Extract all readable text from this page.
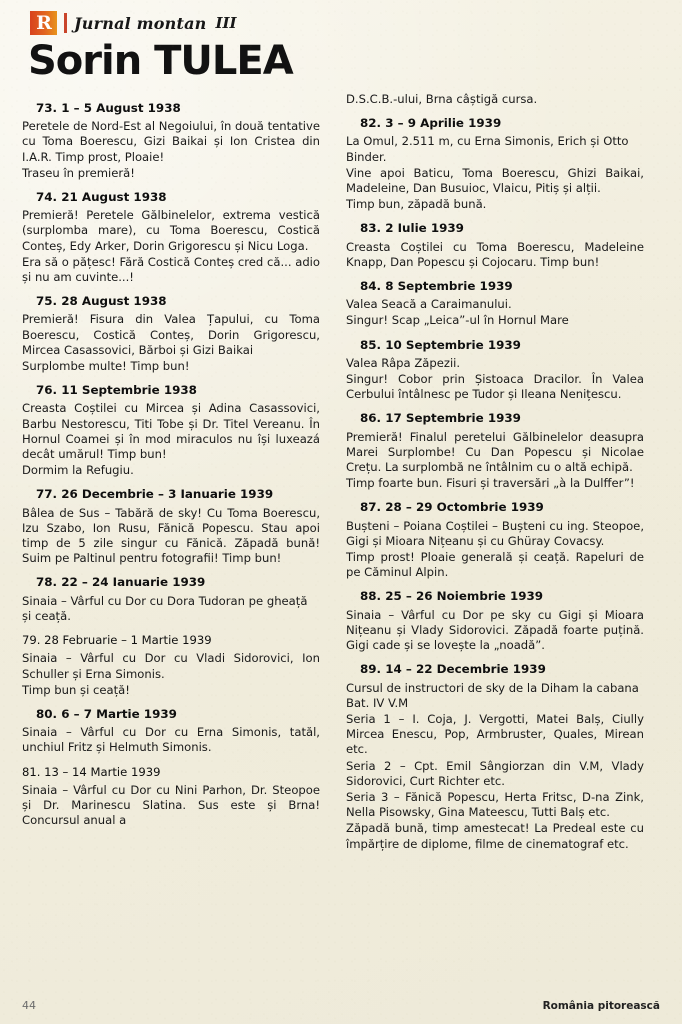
R	Jurnal montan III
Sorin TULEA
73. 1 – 5 August 1938

Peretele de Nord-Est al Negoiului, în două tentative cu Toma Boerescu, Gizi Baikai și Ion Cristea din I.A.R. Timp prost, Ploaie!

Traseu în premieră!

74. 21 August 1938

Premieră! Peretele Gălbinelelor, extrema vestică (surplomba mare), cu Toma Boerescu, Costică Conteș, Edy Arker, Dorin Grigorescu și Nicu Loga.

Era să o pățesc! Fără Costică Conteș cred că... adio și nu am cuvinte...!

75. 28 August 1938

Premieră! Fisura din Valea Țapului, cu Toma Boerescu, Costică Conteș, Dorin Grigorescu, Mircea Casassovici, Bărboi și Gizi Baikai

Surplombe multe! Timp bun!

76. 11 Septembrie 1938

Creasta Coștilei cu Mircea și Adina Casassovici, Barbu Nestorescu, Titi Tobe și Dr. Titel Vereanu. În Hornul Coamei și în mod miraculos nu își luxeazá decât umărul! Timp bun!

Dormim la Refugiu.

77. 26 Decembrie – 3 Ianuarie 1939

Bâlea de Sus – Tabără de sky! Cu Toma Boerescu, Izu Szabo, Ion Rusu, Fănică Popescu. Stau apoi timp de 5 zile singur cu Fănică. Zăpadă bună! Suim pe Paltinul pentru fotografii! Timp bun!

78. 22 – 24 Ianuarie 1939

Sinaia – Vârful cu Dor cu Dora Tudoran pe gheață și ceață.

79. 28 Februarie – 1 Martie 1939

Sinaia – Vârful cu Dor cu Vladi Sidorovici, Ion Schuller și Erna Simonis.

Timp bun și ceață!

80. 6 – 7 Martie 1939

Sinaia – Vârful cu Dor cu Erna Simonis, tatăl, unchiul Fritz și Helmuth Simonis.

81. 13 – 14 Martie 1939

Sinaia – Vârful cu Dor cu Nini Parhon, Dr. Steopoe și Dr. Marinescu Slatina. Sus este și Brna! Concursul anual a

D.S.C.B.-ului, Brna câștigă cursa.

82. 3 – 9 Aprilie 1939

La Omul, 2.511 m, cu Erna Simonis, Erich și Otto Binder.

Vine apoi Baticu, Toma Boerescu, Ghizi Baikai, Madeleine, Dan Busuioc, Vlaicu, Pitiș și alții.

Timp bun, zăpadă bună.

83. 2 Iulie 1939

Creasta Coștilei cu Toma Boerescu, Madeleine Knapp, Dan Popescu și Cojocaru. Timp bun!

84. 8 Septembrie 1939

Valea Seacă a Caraimanului.

Singur! Scap „Leica”-ul în Hornul Mare

85. 10 Septembrie 1939

Valea Râpa Zăpezii.

Singur! Cobor prin Șistoaca Dracilor. În Valea Cerbului întâlnesc pe Tudor și Ileana Nenițescu.

86. 17 Septembrie 1939

Premieră! Finalul peretelui Gălbinelelor deasupra Marei Surplombe! Cu Dan Popescu și Nicolae Crețu. La surplombă ne întâlnim cu o altă echipă.

Timp foarte bun. Fisuri și traversări „à la Dulffer”!

87. 28 – 29 Octombrie 1939

Bușteni – Poiana Coștilei – Bușteni cu ing. Steopoe, Gigi și Mioara Nițeanu și cu Ghüray Covacsy.

Timp prost! Ploaie generală și ceață. Rapeluri de pe Căminul Alpin.

88. 25 – 26 Noiembrie 1939

Sinaia – Vârful cu Dor pe sky cu Gigi și Mioara Nițeanu și Vlady Sidorovici. Zăpadă foarte puțină. Gigi cade și se lovește la „noadă”.

89. 14 – 22 Decembrie 1939

Cursul de instructori de sky de la Diham la cabana Bat. IV V.M

Seria 1 – I. Coja, J. Vergotti, Matei Balș, Ciully Mircea Enescu, Pop, Armbruster, Quales, Mirean etc.

Seria 2 – Cpt. Emil Sângiorzan din V.M, Vlady Sidorovici, Curt Richter etc.

Seria 3 – Fănică Popescu, Herta Fritsc, D-na Zink, Nella Pisowsky, Gina Mateescu, Tutti Balș etc.

Zăpadă bună, timp amestecat! La Predeal este cu împărțire de diplome, filme de cinematograf etc.

44	România pitorească
